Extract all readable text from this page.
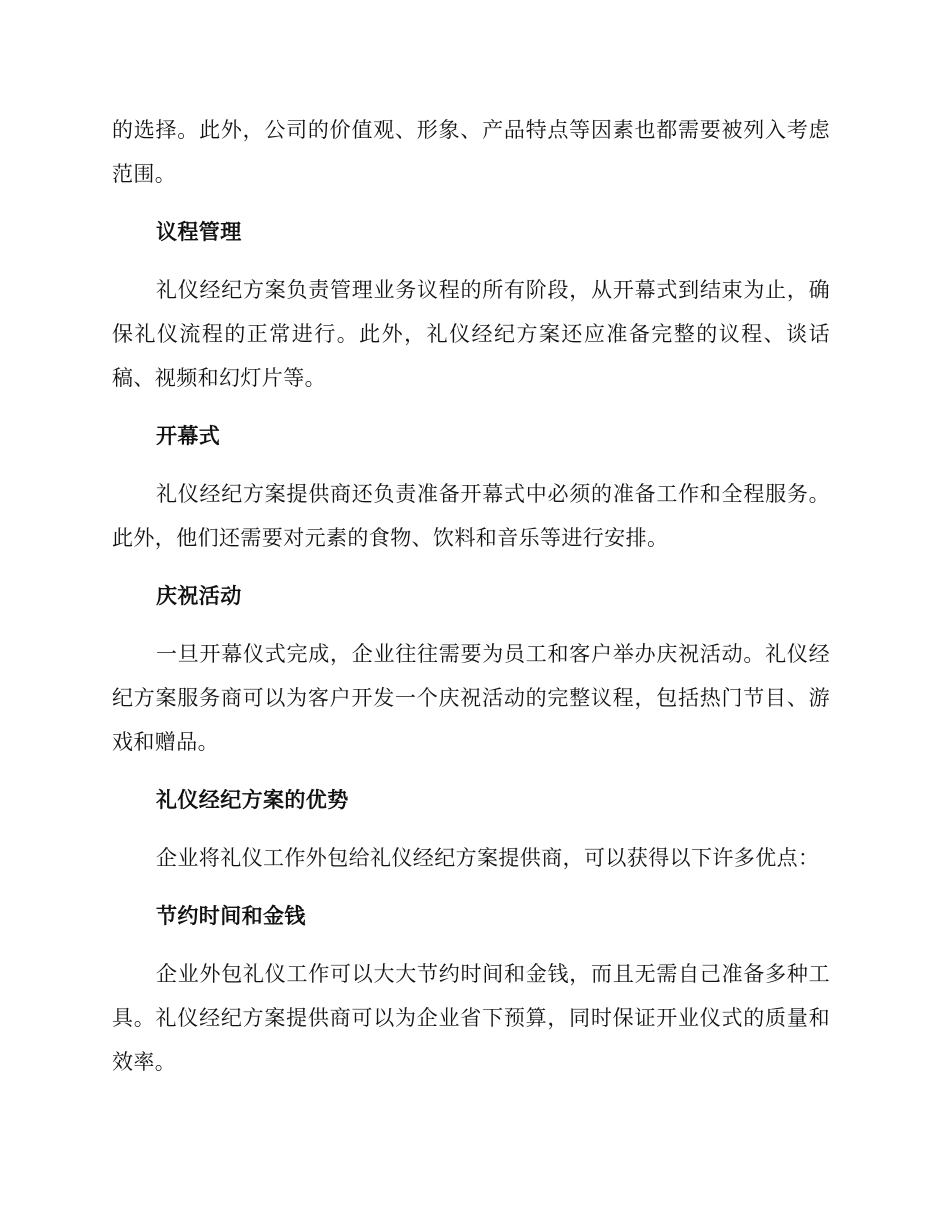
的选择。此外，公司的价值观、形象、产品特点等因素也都需要被列入考虑范围。

议程管理

礼仪经纪方案负责管理业务议程的所有阶段，从开幕式到结束为止，确保礼仪流程的正常进行。此外，礼仪经纪方案还应准备完整的议程、谈话稿、视频和幻灯片等。

开幕式

礼仪经纪方案提供商还负责准备开幕式中必须的准备工作和全程服务。此外，他们还需要对元素的食物、饮料和音乐等进行安排。

庆祝活动

一旦开幕仪式完成，企业往往需要为员工和客户举办庆祝活动。礼仪经纪方案服务商可以为客户开发一个庆祝活动的完整议程，包括热门节目、游戏和赠品。

礼仪经纪方案的优势

企业将礼仪工作外包给礼仪经纪方案提供商，可以获得以下许多优点：

节约时间和金钱

企业外包礼仪工作可以大大节约时间和金钱，而且无需自己准备多种工具。礼仪经纪方案提供商可以为企业省下预算，同时保证开业仪式的质量和效率。
